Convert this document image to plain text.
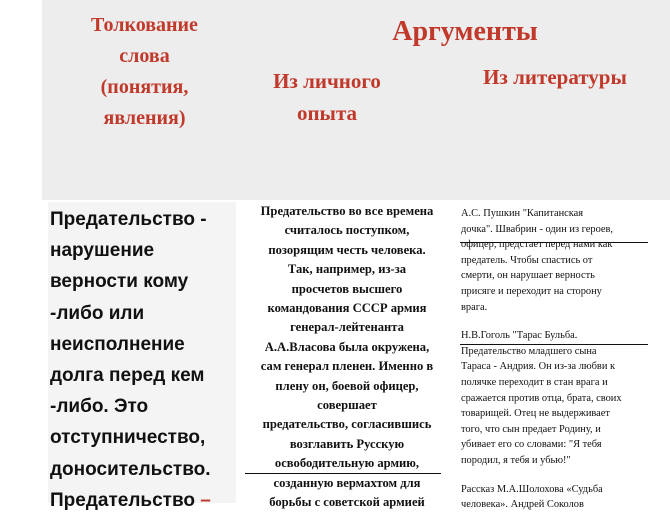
Толкование
слова
(понятия,
явления)
Аргументы
Из личного
опыта
Из литературы

Предательство -
нарушение
верности кому
-либо или
неисполнение
долга перед кем
-либо. Это
отступничество,
доносительство.
Предательство –

Предательство во все времена

считалось поступком,

позорящим честь человека.

Так, например, из-за

просчетов высшего

командования СССР армия

генерал-лейтенанта

А.А.Власова была окружена,

сам генерал пленен. Именно в

плену он, боевой офицер,

совершает

предательство, согласившись

возглавить Русскую

освободительную армию,

созданную вермахтом для

борьбы с советской армией

А.С. Пушкин "Капитанская

дочка". Швабрин - один из героев,

офицер, предстает перед нами как

предатель. Чтобы спастись от

смерти, он нарушает верность

присяге и переходит на сторону

врага.

Н.В.Гоголь "Тарас Бульба.

Предательство младшего сына

Тараса - Андрия. Он из-за любви к

полячке переходит в стан врага и

сражается против отца, брата, своих

товарищей. Отец не выдерживает

того, что сын предает Родину, и

убивает его со словами: "Я тебя

породил, я тебя и убью!"

Рассказ М.А.Шолохова «Судьба

человека». Андрей Соколов
